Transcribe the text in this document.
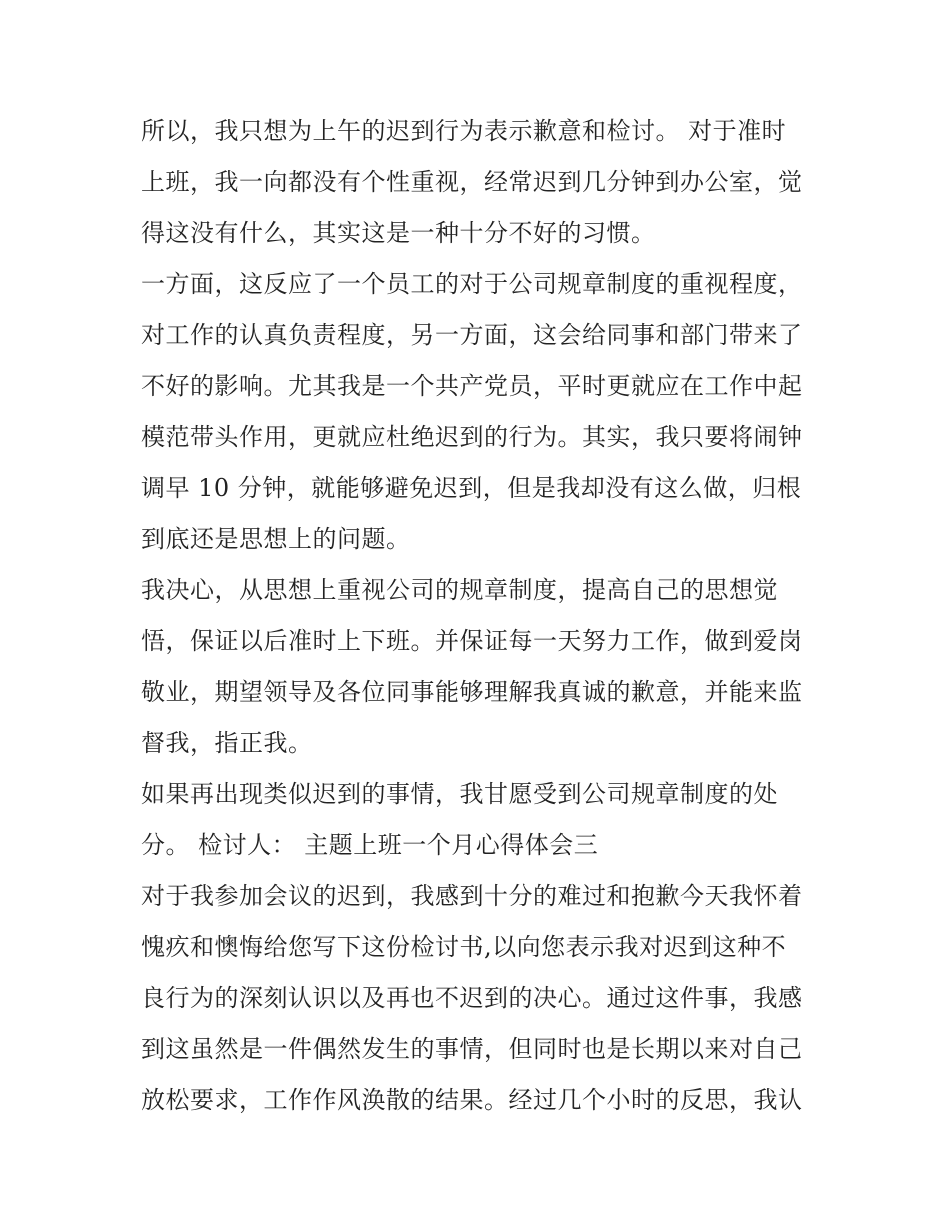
所以，我只想为上午的迟到行为表示歉意和检讨。 对于准时
上班，我一向都没有个性重视，经常迟到几分钟到办公室，觉
得这没有什么，其实这是一种十分不好的习惯。
一方面，这反应了一个员工的对于公司规章制度的重视程度，
对工作的认真负责程度，另一方面，这会给同事和部门带来了
不好的影响。尤其我是一个共产党员，平时更就应在工作中起
模范带头作用，更就应杜绝迟到的行为。其实，我只要将闹钟
调早 10 分钟，就能够避免迟到，但是我却没有这么做，归根
到底还是思想上的问题。
我决心，从思想上重视公司的规章制度，提高自己的思想觉
悟，保证以后准时上下班。并保证每一天努力工作，做到爱岗
敬业，期望领导及各位同事能够理解我真诚的歉意，并能来监
督我，指正我。
如果再出现类似迟到的事情，我甘愿受到公司规章制度的处
分。 检讨人： 主题上班一个月心得体会三
对于我参加会议的迟到，我感到十分的难过和抱歉今天我怀着
愧疚和懊悔给您写下这份检讨书,以向您表示我对迟到这种不
良行为的深刻认识以及再也不迟到的决心。通过这件事，我感
到这虽然是一件偶然发生的事情，但同时也是长期以来对自己
放松要求，工作作风涣散的结果。经过几个小时的反思，我认
